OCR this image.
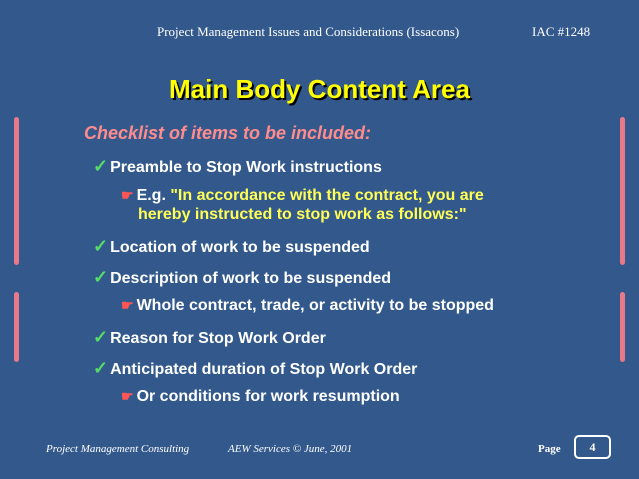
Project Management Issues and Considerations (Issacons)	IAC #1248
Main Body Content Area
Checklist of items to be included:
✓ Preamble to Stop Work instructions
☛ E.g. "In accordance with the contract, you are
hereby instructed to stop work as follows:"
✓ Location of work to be suspended
✓ Description of work to be suspended
☛ Whole contract, trade, or activity to be stopped
✓ Reason for Stop Work Order
✓ Anticipated duration of Stop Work Order
☛ Or conditions for work resumption
Project Management Consulting	AEW Services © June, 2001	Page	4
